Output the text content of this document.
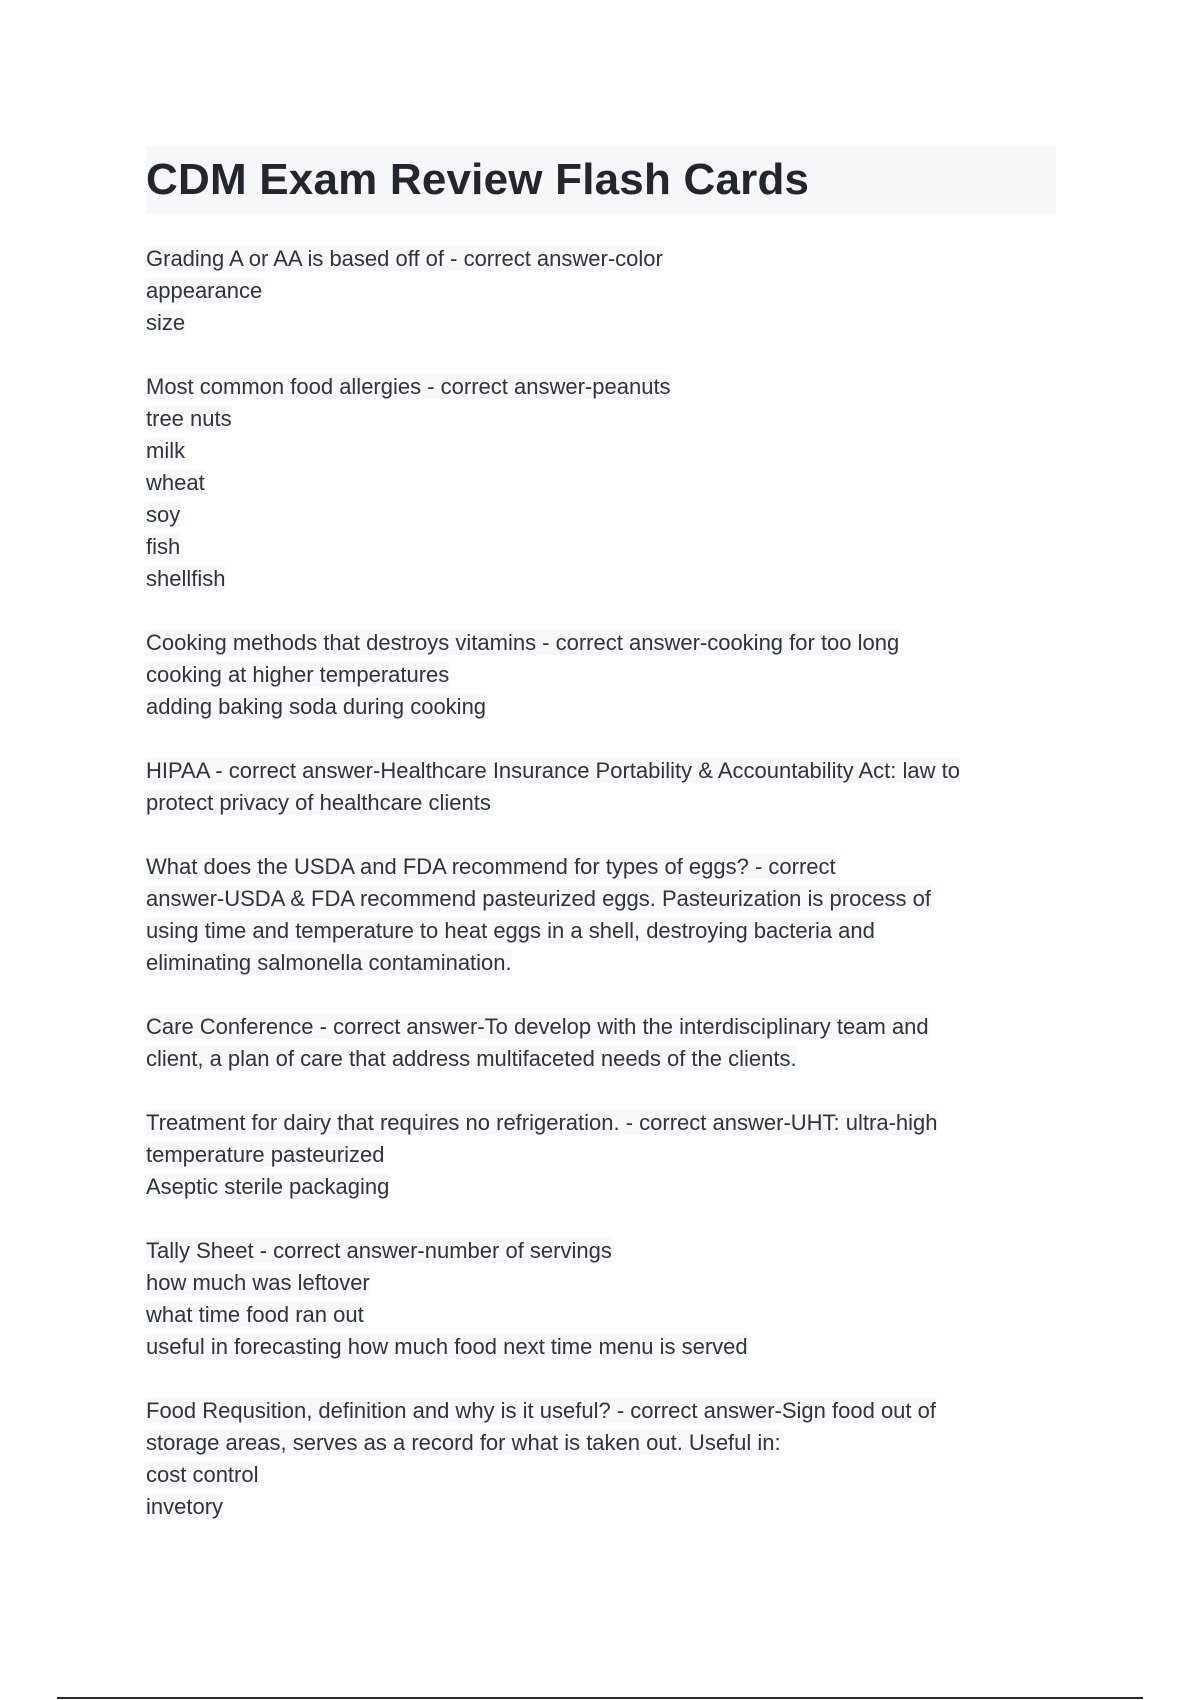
CDM Exam Review Flash Cards
Grading A or AA is based off of - correct answer-color
appearance
size
Most common food allergies - correct answer-peanuts
tree nuts
milk
wheat
soy
fish
shellfish
Cooking methods that destroys vitamins - correct answer-cooking for too long
cooking at higher temperatures
adding baking soda during cooking
HIPAA - correct answer-Healthcare Insurance Portability & Accountability Act: law to
protect privacy of healthcare clients
What does the USDA and FDA recommend for types of eggs? - correct
answer-USDA & FDA recommend pasteurized eggs. Pasteurization is process of
using time and temperature to heat eggs in a shell, destroying bacteria and
eliminating salmonella contamination.
Care Conference - correct answer-To develop with the interdisciplinary team and
client, a plan of care that address multifaceted needs of the clients.
Treatment for dairy that requires no refrigeration. - correct answer-UHT: ultra-high
temperature pasteurized
Aseptic sterile packaging
Tally Sheet - correct answer-number of servings
how much was leftover
what time food ran out
useful in forecasting how much food next time menu is served
Food Requsition, definition and why is it useful? - correct answer-Sign food out of
storage areas, serves as a record for what is taken out. Useful in:
cost control
invetory
